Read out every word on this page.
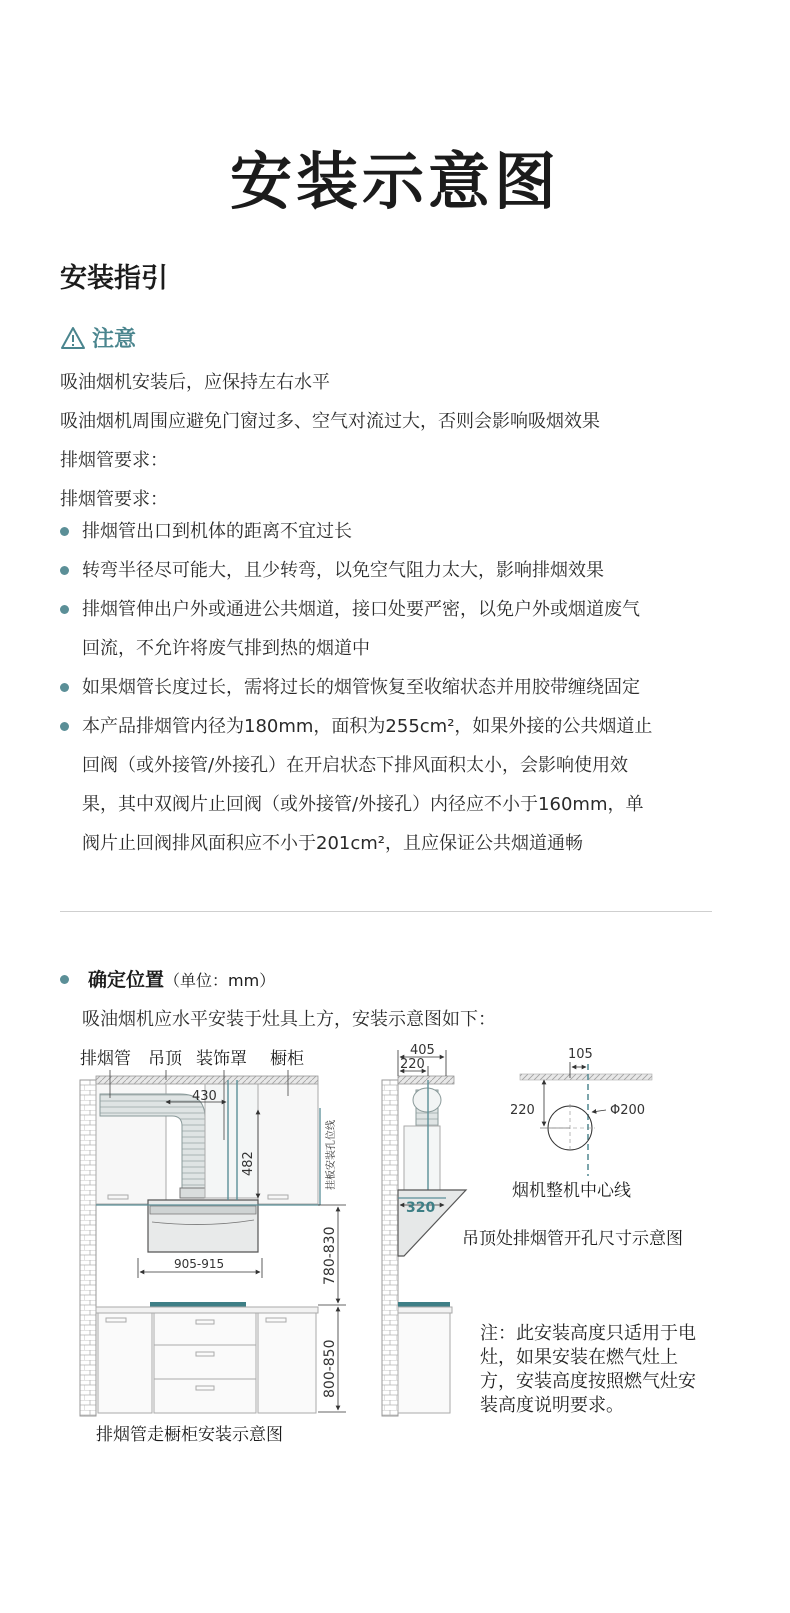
安装示意图
安装指引
注意
吸油烟机安装后，应保持左右水平
吸油烟机周围应避免门窗过多、空气对流过大，否则会影响吸烟效果
排烟管要求：
排烟管要求：
排烟管出口到机体的距离不宜过长
转弯半径尽可能大，且少转弯，以免空气阻力太大，影响排烟效果
排烟管伸出户外或通进公共烟道，接口处要严密，以免户外或烟道废气
回流，不允许将废气排到热的烟道中
如果烟管长度过长，需将过长的烟管恢复至收缩状态并用胶带缠绕固定
本产品排烟管内径为180mm，面积为255cm²，如果外接的公共烟道止
回阀（或外接管/外接孔）在开启状态下排风面积太小，会影响使用效
果，其中双阀片止回阀（或外接管/外接孔）内径应不小于160mm，单
阀片止回阀排风面积应不小于201cm²，且应保证公共烟道通畅
确定位置（单位：mm）
吸油烟机应水平安装于灶具上方，安装示意图如下：
挂板安装孔位线
排烟管 吊顶 装饰罩 橱柜
430
482
905-915	780-830
800-850
排烟管走橱柜安装示意图
405
220
320
105
220	Φ200
烟机整机中心线
吊顶处排烟管开孔尺寸示意图
注：此安装高度只适用于电灶，如果安装在燃气灶上方，安装高度按照燃气灶安装高度说明要求。
